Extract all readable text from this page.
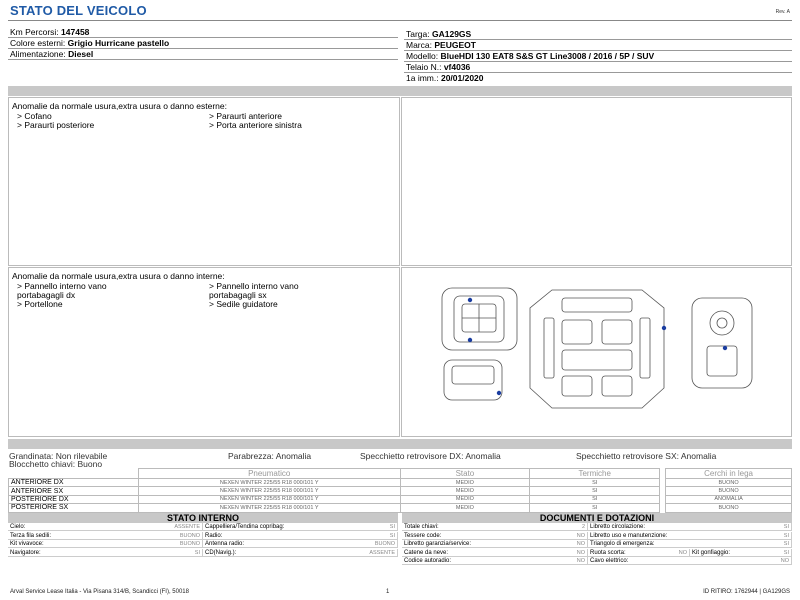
STATO DEL VEICOLO	Rev. A
Km Percorsi: 147458
Colore esterni: Grigio Hurricane pastello
Alimentazione: Diesel
Targa: GA129GS
Marca: PEUGEOT
Modello: BlueHDI 130 EAT8 S&S GT Line3008 / 2016 / 5P / SUV
Telaio N.: vf4036
1a imm.: 20/01/2020
Anomalie da normale usura,extra usura o danno esterne:
> Cofano
> Paraurti posteriore
> Paraurti anteriore
> Porta anteriore sinistra
Anomalie da normale usura,extra usura o danno interne:
> Pannello interno vano
portabagagli dx
> Portellone
> Pannello interno vano
portabagagli sx
> Sedile guidatore
Grandinata: Non rilevabile
Blocchetto chiavi: Buono
Parabrezza: Anomalia	Specchietto retrovisore DX: Anomalia	Specchietto retrovisore SX: Anomalia
	Pneumatico	Stato	Termiche		Cerchi in lega
ANTERIORE DX	NEXEN WINTER 225/55 R18 000/101 Y	MEDIO	SI		BUONO
ANTERIORE SX	NEXEN WINTER 225/55 R18 000/101 Y	MEDIO	SI		BUONO
POSTERIORE DX	NEXEN WINTER 225/55 R18 000/101 Y	MEDIO	SI		ANOMALIA
POSTERIORE SX	NEXEN WINTER 225/55 R18 000/101 Y	MEDIO	SI		BUONO
STATO INTERNO
Cielo:	ASSENTE
Terza fila sedili:	BUONO
Kit vivavoce:	BUONO
Navigatore:	SI
Cappelliera/Tendina copribag:	SI
Radio:	SI
Antenna radio:	BUONO
CD(Navig.):	ASSENTE
DOCUMENTI E DOTAZIONI
Totale chiavi:	2
Tessere code:	NO
Libretto garanzia/service:	NO
Catene da neve:	NO
Codice autoradio:	NO
Libretto circolazione:	SI
Libretto uso e manutenzione:	SI
Triangolo di emergenza:	SI
Ruota scorta:	NO Kit gonfiaggio:	SI
Cavo elettrico:	NO
Arval Service Lease Italia - Via Pisana 314/B, Scandicci (FI), 50018	1	ID RITIRO: 1762944 | GA129GS
